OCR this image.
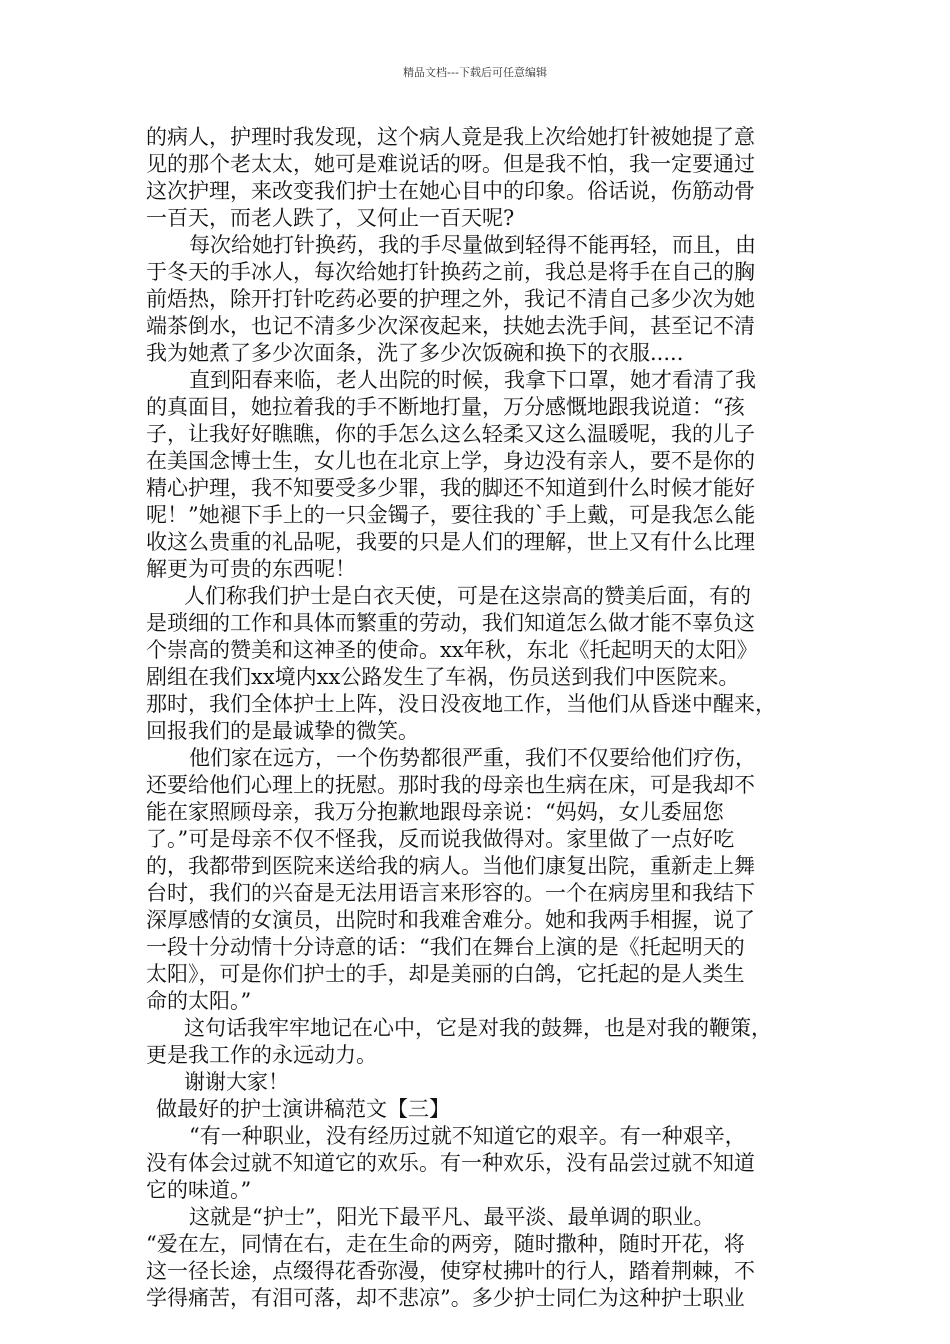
精品文档---下载后可任意编辑
的病人，护理时我发现，这个病人竟是我上次给她打针被她提了意
见的那个老太太，她可是难说话的呀。但是我不怕，我一定要通过
这次护理，来改变我们护士在她心目中的印象。俗话说，伤筋动骨
一百天，而老人跌了，又何止一百天呢?
每次给她打针换药，我的手尽量做到轻得不能再轻，而且，由
于冬天的手冰人，每次给她打针换药之前，我总是将手在自己的胸
前焐热，除开打针吃药必要的护理之外，我记不清自己多少次为她
端茶倒水，也记不清多少次深夜起来，扶她去洗手间，甚至记不清
我为她煮了多少次面条，洗了多少次饭碗和换下的衣服.....
直到阳春来临，老人出院的时候，我拿下口罩，她才看清了我
的真面目，她拉着我的手不断地打量，万分感慨地跟我说道：“孩
子，让我好好瞧瞧，你的手怎么这么轻柔又这么温暖呢，我的儿子
在美国念博士生，女儿也在北京上学，身边没有亲人，要不是你的
精心护理，我不知要受多少罪，我的脚还不知道到什么时候才能好
呢！”她褪下手上的一只金镯子，要往我的`手上戴，可是我怎么能
收这么贵重的礼品呢，我要的只是人们的理解，世上又有什么比理
解更为可贵的东西呢！
人们称我们护士是白衣天使，可是在这崇高的赞美后面，有的
是琐细的工作和具体而繁重的劳动，我们知道怎么做才能不辜负这
个崇高的赞美和这神圣的使命。xx年秋，东北《托起明天的太阳》
剧组在我们xx境内xx公路发生了车祸，伤员送到我们中医院来。
那时，我们全体护士上阵，没日没夜地工作，当他们从昏迷中醒来，
回报我们的是最诚挚的微笑。
他们家在远方，一个伤势都很严重，我们不仅要给他们疗伤，
还要给他们心理上的抚慰。那时我的母亲也生病在床，可是我却不
能在家照顾母亲，我万分抱歉地跟母亲说：“妈妈，女儿委屈您
了。”可是母亲不仅不怪我，反而说我做得对。家里做了一点好吃
的，我都带到医院来送给我的病人。当他们康复出院，重新走上舞
台时，我们的兴奋是无法用语言来形容的。一个在病房里和我结下
深厚感情的女演员，出院时和我难舍难分。她和我两手相握，说了
一段十分动情十分诗意的话：“我们在舞台上演的是《托起明天的
太阳》，可是你们护士的手，却是美丽的白鸽，它托起的是人类生
命的太阳。”
这句话我牢牢地记在心中，它是对我的鼓舞，也是对我的鞭策，
更是我工作的永远动力。
谢谢大家！
做最好的护士演讲稿范文【三】
“有一种职业，没有经历过就不知道它的艰辛。有一种艰辛，
没有体会过就不知道它的欢乐。有一种欢乐，没有品尝过就不知道
它的味道。”
这就是“护士”，阳光下最平凡、最平淡、最单调的职业。
“爱在左，同情在右，走在生命的两旁，随时撒种，随时开花，将
这一径长途，点缀得花香弥漫，使穿杖拂叶的行人，踏着荆棘，不
学得痛苦，有泪可落，却不悲凉”。多少护士同仁为这种护士职业
